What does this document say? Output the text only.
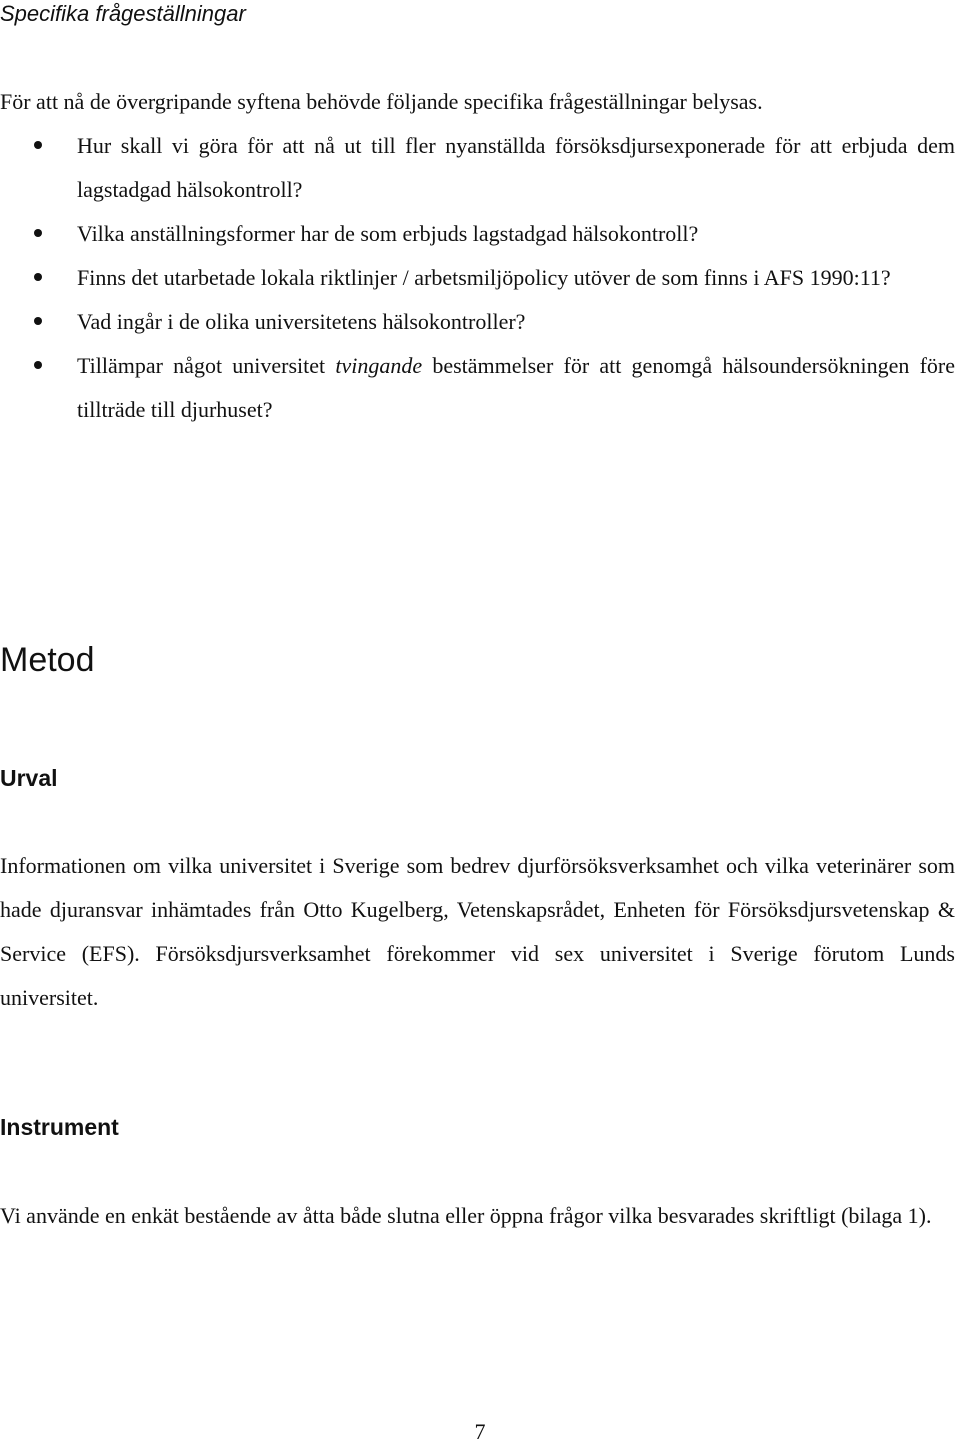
Specifika frågeställningar

För att nå de övergripande syftena behövde följande specifika frågeställningar belysas.

Hur skall vi göra för att nå ut till fler nyanställda försöksdjursexponerade för att erbjuda dem lagstadgad hälsokontroll?
Vilka anställningsformer har de som erbjuds lagstadgad hälsokontroll?
Finns det utarbetade lokala riktlinjer / arbetsmiljöpolicy utöver de som finns i AFS 1990:11?
Vad ingår i de olika universitetens hälsokontroller?
Tillämpar något universitet tvingande bestämmelser för att genomgå hälsoundersökningen före tillträde till djurhuset?
Metod
Urval

Informationen om vilka universitet i Sverige som bedrev djurförsöksverksamhet och vilka veterinärer som hade djuransvar inhämtades från Otto Kugelberg, Vetenskapsrådet, Enheten för Försöksdjursvetenskap & Service (EFS). Försöksdjursverksamhet förekommer vid sex universitet i Sverige förutom Lunds universitet.

Instrument

Vi använde en enkät bestående av åtta både slutna eller öppna frågor vilka besvarades skriftligt (bilaga 1).

7
